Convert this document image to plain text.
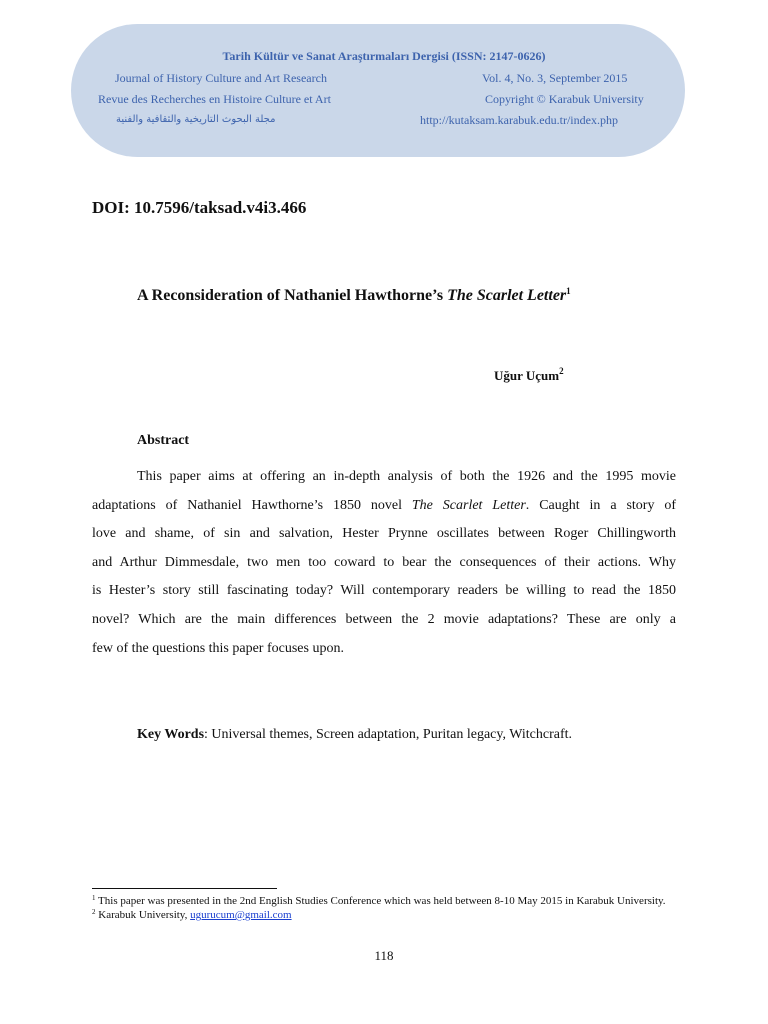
Tarih Kültür ve Sanat Araştırmaları Dergisi (ISSN: 2147-0626)
Journal of History Culture and Art Research
Revue des Recherches en Histoire Culture et Art
مجلة البحوث التاريخية والثقافية والفنية
Vol. 4, No. 3, September 2015
Copyright © Karabuk University
http://kutaksam.karabuk.edu.tr/index.php
DOI: 10.7596/taksad.v4i3.466
A Reconsideration of Nathaniel Hawthorne’s The Scarlet Letter$^1$
Uğur Uçum$^2$
Abstract
This paper aims at offering an in-depth analysis of both the 1926 and the 1995 movie
adaptations of Nathaniel Hawthorne’s 1850 novel The Scarlet Letter. Caught in a story of
love and shame, of sin and salvation, Hester Prynne oscillates between Roger Chillingworth
and Arthur Dimmesdale, two men too coward to bear the consequences of their actions. Why
is Hester’s story still fascinating today? Will contemporary readers be willing to read the 1850
novel? Which are the main differences between the 2 movie adaptations? These are only a
few of the questions this paper focuses upon.
Key Words: Universal themes, Screen adaptation, Puritan legacy, Witchcraft.
$^1$ This paper was presented in the 2nd English Studies Conference which was held between 8-10 May 2015 in Karabuk University.
$^2$ Karabuk University, ugurucum@gmail.com
118
